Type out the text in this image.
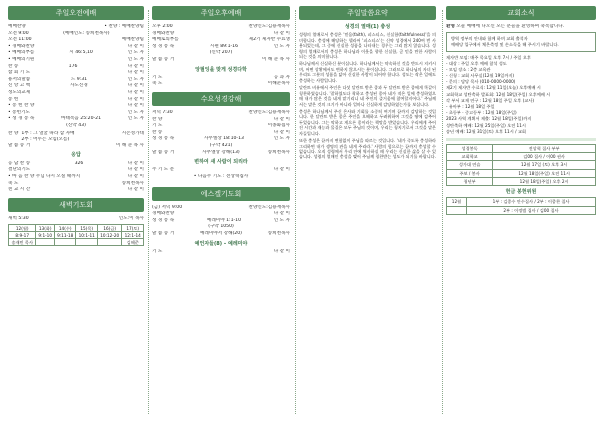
주일오전예배
예배찬양	• 찬양 : 예배찬양팀
오전 9:00	(예배인도: 송희천목사)
오전 11:00	예배찬양팀
• 경배와찬양	다 같 이
• 예배의부름	시 46:5,10	인 도 자
• 예배의기원	인 도 자
찬 송	176	다 같 이
참 회 기 도	다 같 이
용서의말씀	느 9:31	인 도 자
신 앙 고 백	사도신경	다 같 이
성도의교제	다 같 이
봉 헌	다 같 이
• 봉 헌 찬 양	다 같 이
• 봉헌기도	인 도 자
• 성 경 봉 독	마태복음 25:20-21	인 도 자
(신약 43)
찬 양 1부 : 그 얼굴 따라 삼 자매
2부 : 어두는 모임(오름)
시온성가대
말 씀 증 거	이 해 준 목 사
응답
응 답 찬 송	326	다 같 이
결단의기도	다 같 이
• 마 음 찬 양 주님 다시 오실 때까지	다 같 이
축 도	송희천목사
친 교 시 간	다 같 이
새벽기도회
새벽 5:30	인도:이 목사
12(월)	13(화)	14(수)	15(목)	16(금)	17(토)
8:9-17	9:1-10	9:11-18	10:1-11	10:12-20	12:1-14
송재민 목사					김해준
주일오후예배
오후 2:00	찬양인도:김용재목사
경배와찬양	다 같 이
예배로의부름	제2기 제자반 수료생
성 경 봉 독	시편 89:1-16	인 도 자
(신약 207)
말 씀 증 거	이 해 준 목 사
앙필잉을 맞게 성경다학
기 도	공 과 자
축 도	이해준목사
수요성경강해
저녁 7:30	찬양인도:김용재목사
찬 양	다 같 이
기 도	이종화집사
찬 송	다 같 이
성 경 봉 독	사무엘상 18:10-13	인 도 자
(구약 421)
말 씀 증 거	사무엘상 강해(13)	송희천목사
변하여 새 사람이 되리라
주 기 도 문	다 같 이
• 다음주 기도 : 전상혁집사
에스겔기도회
(금) 저녁 9:00	찬양인도:김용재목사
경배와찬양	다 같 이
성 경 봉 독	예레미야 1:1-10	인 도 자
(구약 1050)
말 씀 증 거	예레미야서 강해(20)	송희천목사
예언자들(8) – 예레미야
기 도	다 같 이
주일말씀요약
성경의 열매(1) 충성

성령의 열매로서 충성은 '믿음(faith), 피스티스, 신실함(faithfulness)'을 의미합니다. 충성에 해당하는 헬라어 '피스티스'는 신약 성경에서 240여 번 사용되었는데, 그 중에 신실한 성품을 나타내는 경우는 그리 많지 않습니다. 성령의 열매로서의 충성은 하나님과 이웃을 향한 신실함, 곧 믿을 만한 사람이 되는 것을 의미합니다.

하나님께서 신실하신 분이십니다. 하나님께서는 약속하신 것을 반드시 지키시며, 어떤 상황에서도 변하지 않으시는 분이십니다. 그러므로 하나님의 자녀 된 우리도 그분의 성품을 닮아 신실한 사람이 되어야 합니다. 성도는 작은 일에도 충성하는 사람입니다.

달란트 비유에서 주인은 다섯 달란트 받은 종과 두 달란트 받은 종에게 똑같이 칭찬하였습니다. '잘하였도다 착하고 충성된 종아 네가 적은 일에 충성하였으매 내가 많은 것을 네게 맡기리니 네 주인의 즐거움에 참여할지어다.' 주님께서는 맡은 것의 크기가 아니라 얼마나 신실하게 감당하였는가를 보십니다.

충성은 하나님께서 주신 은사와 기회를 소중히 여기며 끝까지 감당하는 것입니다. 한 달란트 받은 종은 주인을 오해하고 두려워하여 그것을 땅에 감추어 두었습니다. 그는 악하고 게으른 종이라는 책망을 받았습니다. 우리에게 주어진 시간과 재능과 물질은 모두 주님의 것이며, 우리는 청지기로서 그것을 맡은 자들입니다.

또한 충성은 끝까지 변함없이 주님을 따르는 것입니다. '네가 죽도록 충성하라 그리하면 내가 생명의 관을 네게 주리라.' 사람의 힘으로는 끝까지 충성할 수 없습니다. 오직 성령께서 우리 안에 역사하실 때 우리는 신실한 삶을 살 수 있습니다. 성령의 열매인 충성을 맺어 주님께 칭찬받는 성도가 되기를 바랍니다.

교회소식
환영 오늘 예배에 나오신 모든 분들을 환영하며 축복합니다.
방역 정부의 안내와 함께 하며 교회 출석자
예배당 입구에서 체온측정 및 손소독을 해 주시기 바랍니다.
제자반 모임: 매주 목요일 오후 7시 / 주일 오후
- 대상 : 주일 오후 예배 참석 성도
- 모임 장소 : 2층 교육관
- 신청 : 교회 사무실(12월 19일까지)
- 문의 : 담당 목사 (010-0000-0000)
제2기 제자반 수료식: 12월 11일(오늘) 오후예배 시
교회학교 성탄축하 발표회: 12월 18일(주일) 오후예배 시
각 부서 교재 연구 : 12월 18일 주일 오후 (교사)
- 유아부 : 12월 18일 주일
- 초등부 · 중고등부 : 12월 18일(주일)
2023 사역 계획서 제출: 12월 18일(주일)까지
성탄축하 예배: 12월 25일(주일) 오전 11시
송년 예배: 12월 31일(토) 오후 11시 / 교회
성경봉독	전상혁 집사 부부
교회학교	김00 집사 / 이00 권사
성가대 연습	12월 17일 (토) 오후 3시
주보 / 봉사	12월 18일(주일) 오전 11시
청년부	12월 18일(주일) 오후 2시
헌금 봉헌위원
12월	1부 : 김종수 안수집사 / 2부 : 이종찬 집사
	2부 : 이정범 집사 / 김00 집사
